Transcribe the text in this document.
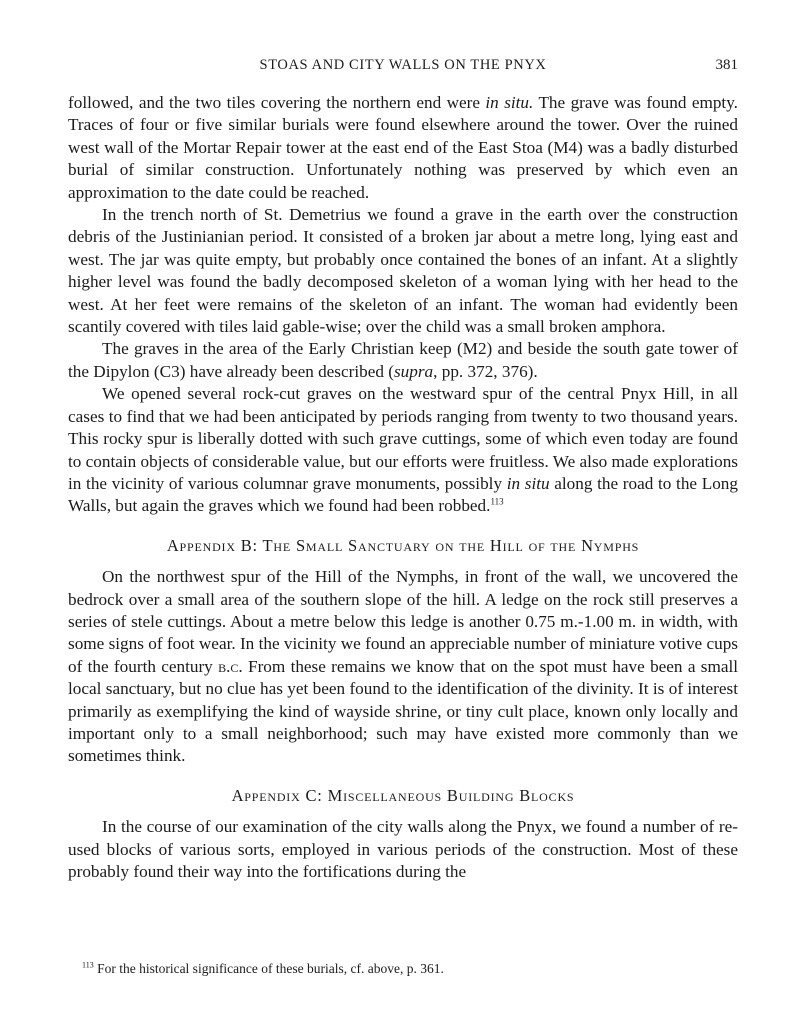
STOAS AND CITY WALLS ON THE PNYX	381

followed, and the two tiles covering the northern end were in situ. The grave was found empty. Traces of four or five similar burials were found elsewhere around the tower. Over the ruined west wall of the Mortar Repair tower at the east end of the East Stoa (M4) was a badly disturbed burial of similar construction. Unfortunately nothing was preserved by which even an approximation to the date could be reached.

In the trench north of St. Demetrius we found a grave in the earth over the construction debris of the Justinianian period. It consisted of a broken jar about a metre long, lying east and west. The jar was quite empty, but probably once contained the bones of an infant. At a slightly higher level was found the badly decomposed skeleton of a woman lying with her head to the west. At her feet were remains of the skeleton of an infant. The woman had evidently been scantily covered with tiles laid gable-wise; over the child was a small broken amphora.

The graves in the area of the Early Christian keep (M2) and beside the south gate tower of the Dipylon (C3) have already been described (supra, pp. 372, 376).

We opened several rock-cut graves on the westward spur of the central Pnyx Hill, in all cases to find that we had been anticipated by periods ranging from twenty to two thousand years. This rocky spur is liberally dotted with such grave cuttings, some of which even today are found to contain objects of considerable value, but our efforts were fruitless. We also made explorations in the vicinity of various columnar grave monuments, possibly in situ along the road to the Long Walls, but again the graves which we found had been robbed.$^{113}$

Appendix B: The Small Sanctuary on the Hill of the Nymphs

On the northwest spur of the Hill of the Nymphs, in front of the wall, we uncovered the bedrock over a small area of the southern slope of the hill. A ledge on the rock still preserves a series of stele cuttings. About a metre below this ledge is another 0.75 m.-1.00 m. in width, with some signs of foot wear. In the vicinity we found an appreciable number of miniature votive cups of the fourth century b.c. From these remains we know that on the spot must have been a small local sanctuary, but no clue has yet been found to the identification of the divinity. It is of interest primarily as exemplifying the kind of wayside shrine, or tiny cult place, known only locally and important only to a small neighborhood; such may have existed more commonly than we sometimes think.

Appendix C: Miscellaneous Building Blocks

In the course of our examination of the city walls along the Pnyx, we found a number of re-used blocks of various sorts, employed in various periods of the construction. Most of these probably found their way into the fortifications during the

$^{113}$ For the historical significance of these burials, cf. above, p. 361.
